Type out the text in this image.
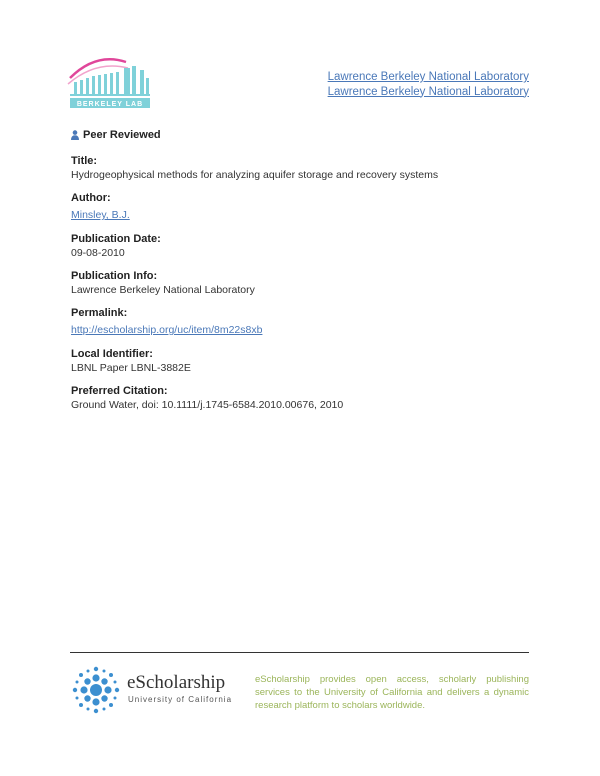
BERKELEY LAB
Lawrence Berkeley National Laboratory
Lawrence Berkeley National Laboratory
Peer Reviewed
Title:
Hydrogeophysical methods for analyzing aquifer storage and recovery systems
Author:
Minsley, B.J.
Publication Date:
09-08-2010
Publication Info:
Lawrence Berkeley National Laboratory
Permalink:
http://escholarship.org/uc/item/8m22s8xb
Local Identifier:
LBNL Paper LBNL-3882E
Preferred Citation:
Ground Water, doi: 10.1111/j.1745-6584.2010.00676, 2010
eScholarship
University of California
eScholarship provides open access, scholarly publishing services to the University of California and delivers a dynamic research platform to scholars worldwide.
